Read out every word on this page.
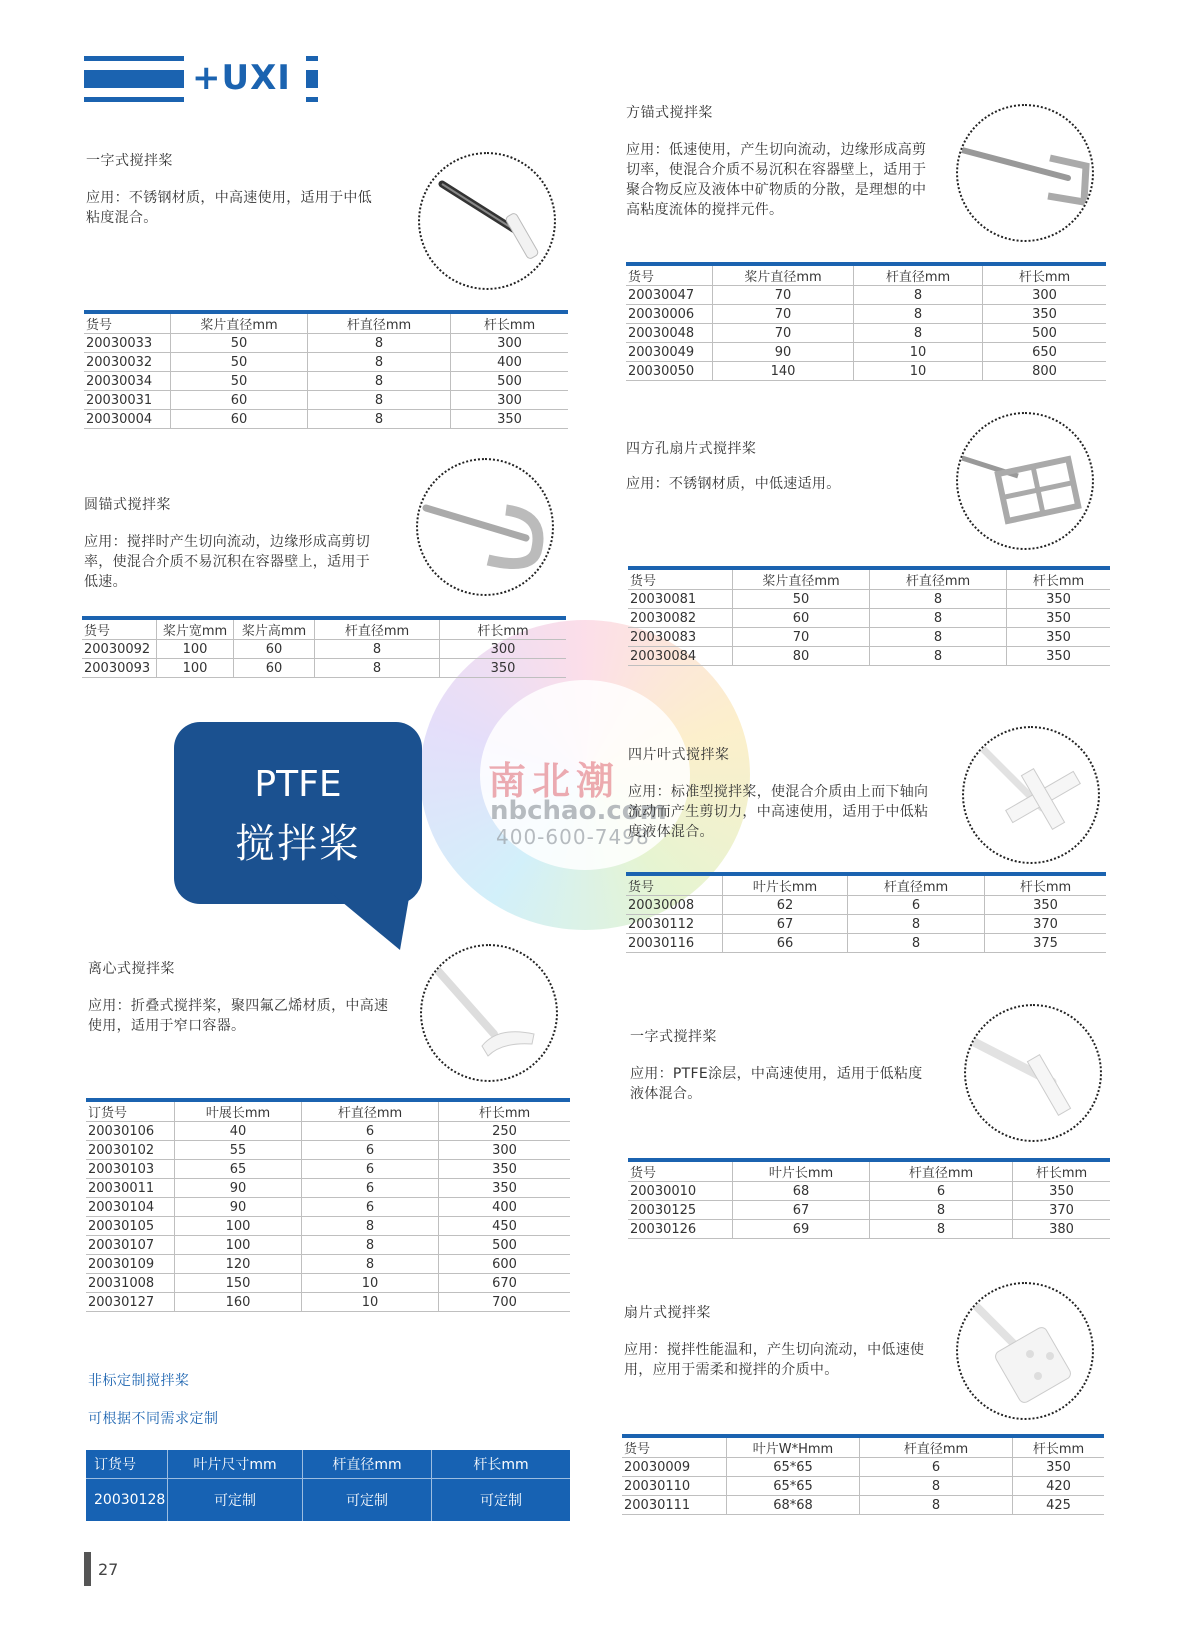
+UXI
南北潮
nbchao.com
400-600-7498
一字式搅拌桨
应用：不锈钢材质，中高速使用，适用于中低粘度混合。
货号	桨片直径mm	杆直径mm	杆长mm
20030033	50	8	300
20030032	50	8	400
20030034	50	8	500
20030031	60	8	300
20030004	60	8	350
圆锚式搅拌桨
应用：搅拌时产生切向流动，边缘形成高剪切率，使混合介质不易沉积在容器壁上，适用于低速。
货号	桨片宽mm	桨片高mm	杆直径mm	杆长mm
20030092	100	60	8	300
20030093	100	60	8	350
PTFE
搅拌桨
离心式搅拌桨
应用：折叠式搅拌桨，聚四氟乙烯材质，中高速使用，适用于窄口容器。
订货号	叶展长mm	杆直径mm	杆长mm
20030106	40	6	250
20030102	55	6	300
20030103	65	6	350
20030011	90	6	350
20030104	90	6	400
20030105	100	8	450
20030107	100	8	500
20030109	120	8	600
20031008	150	10	670
20030127	160	10	700
非标定制搅拌桨
可根据不同需求定制
订货号	叶片尺寸mm	杆直径mm	杆长mm
20030128	可定制	可定制	可定制
方锚式搅拌桨
应用：低速使用，产生切向流动，边缘形成高剪切率，使混合介质不易沉积在容器壁上，适用于聚合物反应及液体中矿物质的分散，是理想的中高粘度流体的搅拌元件。
货号	桨片直径mm	杆直径mm	杆长mm
20030047	70	8	300
20030006	70	8	350
20030048	70	8	500
20030049	90	10	650
20030050	140	10	800
四方孔扇片式搅拌桨
应用：不锈钢材质，中低速适用。
货号	桨片直径mm	杆直径mm	杆长mm
20030081	50	8	350
20030082	60	8	350
20030083	70	8	350
20030084	80	8	350
四片叶式搅拌桨
应用：标准型搅拌桨，使混合介质由上而下轴向流动而产生剪切力，中高速使用，适用于中低粘度液体混合。
货号	叶片长mm	杆直径mm	杆长mm
20030008	62	6	350
20030112	67	8	370
20030116	66	8	375
一字式搅拌桨
应用：PTFE涂层，中高速使用，适用于低粘度液体混合。
货号	叶片长mm	杆直径mm	杆长mm
20030010	68	6	350
20030125	67	8	370
20030126	69	8	380
扇片式搅拌桨
应用：搅拌性能温和，产生切向流动，中低速使用，应用于需柔和搅拌的介质中。
货号	叶片W*Hmm	杆直径mm	杆长mm
20030009	65*65	6	350
20030110	65*65	8	420
20030111	68*68	8	425
27
